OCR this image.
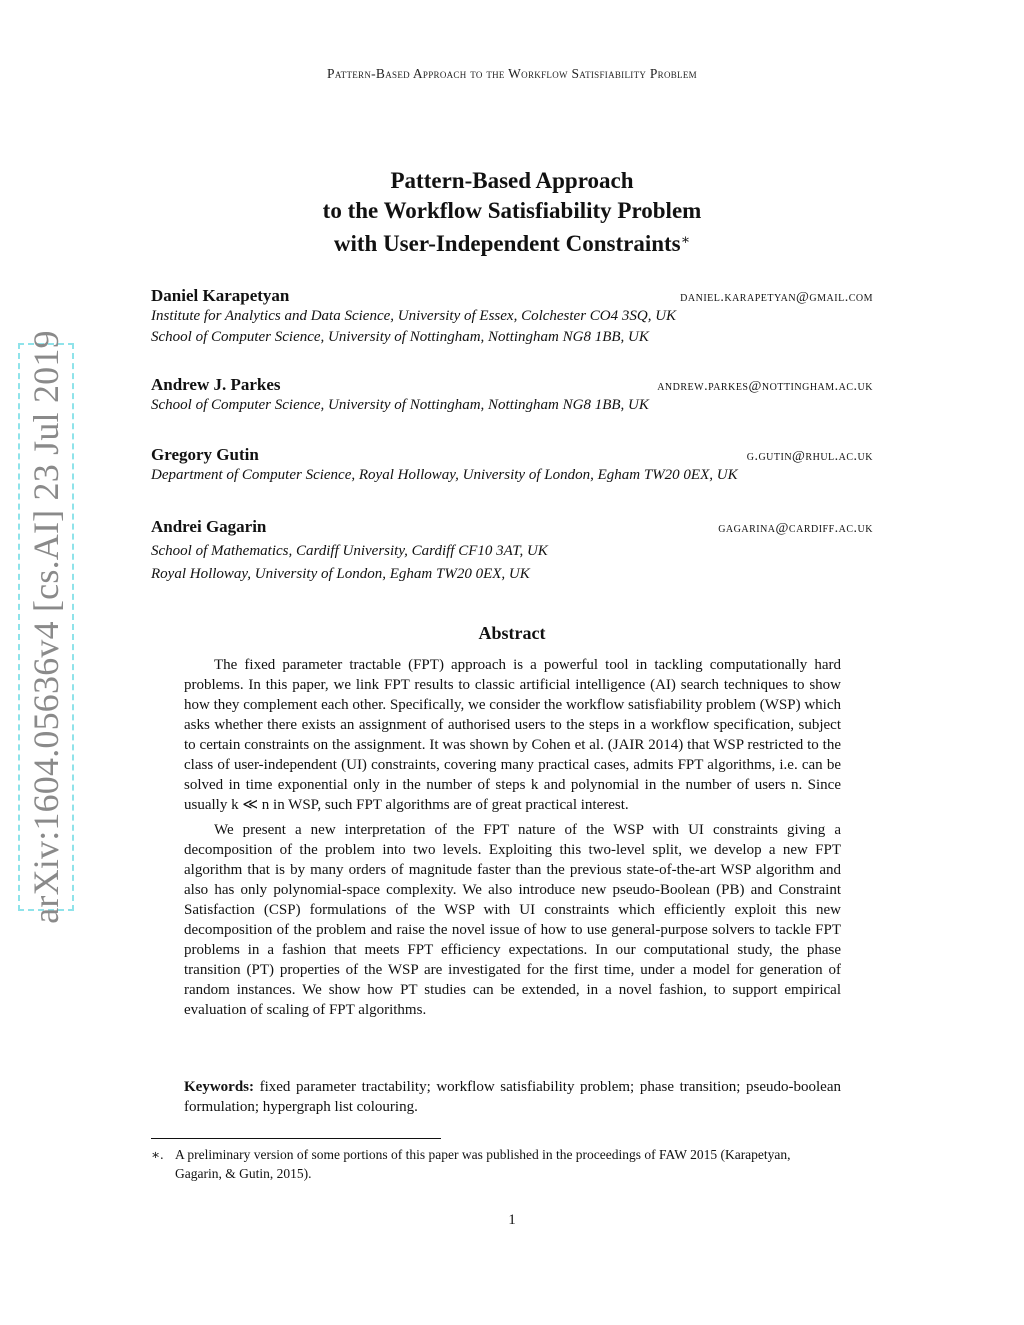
Pattern-Based Approach to the Workflow Satisfiability Problem
arXiv:1604.05636v4 [cs.AI] 23 Jul 2019
Pattern-Based Approach
to the Workflow Satisfiability Problem
with User-Independent Constraints∗
Daniel Karapetyan	daniel.karapetyan@gmail.com
Institute for Analytics and Data Science, University of Essex, Colchester CO4 3SQ, UK
School of Computer Science, University of Nottingham, Nottingham NG8 1BB, UK
Andrew J. Parkes	andrew.parkes@nottingham.ac.uk
School of Computer Science, University of Nottingham, Nottingham NG8 1BB, UK
Gregory Gutin	g.gutin@rhul.ac.uk
Department of Computer Science, Royal Holloway, University of London, Egham TW20 0EX, UK
Andrei Gagarin	gagarina@cardiff.ac.uk
School of Mathematics, Cardiff University, Cardiff CF10 3AT, UK
Royal Holloway, University of London, Egham TW20 0EX, UK
Abstract

The fixed parameter tractable (FPT) approach is a powerful tool in tackling computationally hard problems. In this paper, we link FPT results to classic artificial intelligence (AI) search techniques to show how they complement each other. Specifically, we consider the workflow satisfiability problem (WSP) which asks whether there exists an assignment of authorised users to the steps in a workflow specification, subject to certain constraints on the assignment. It was shown by Cohen et al. (JAIR 2014) that WSP restricted to the class of user-independent (UI) constraints, covering many practical cases, admits FPT algorithms, i.e. can be solved in time exponential only in the number of steps k and polynomial in the number of users n. Since usually k ≪ n in WSP, such FPT algorithms are of great practical interest.

We present a new interpretation of the FPT nature of the WSP with UI constraints giving a decomposition of the problem into two levels. Exploiting this two-level split, we develop a new FPT algorithm that is by many orders of magnitude faster than the previous state-of-the-art WSP algorithm and also has only polynomial-space complexity. We also introduce new pseudo-Boolean (PB) and Constraint Satisfaction (CSP) formulations of the WSP with UI constraints which efficiently exploit this new decomposition of the problem and raise the novel issue of how to use general-purpose solvers to tackle FPT problems in a fashion that meets FPT efficiency expectations. In our computational study, the phase transition (PT) properties of the WSP are investigated for the first time, under a model for generation of random instances. We show how PT studies can be extended, in a novel fashion, to support empirical evaluation of scaling of FPT algorithms.

Keywords: fixed parameter tractability; workflow satisfiability problem; phase transition; pseudo-boolean formulation; hypergraph list colouring.
∗. A preliminary version of some portions of this paper was published in the proceedings of FAW 2015 (Karapetyan,
Gagarin, & Gutin, 2015).
1
